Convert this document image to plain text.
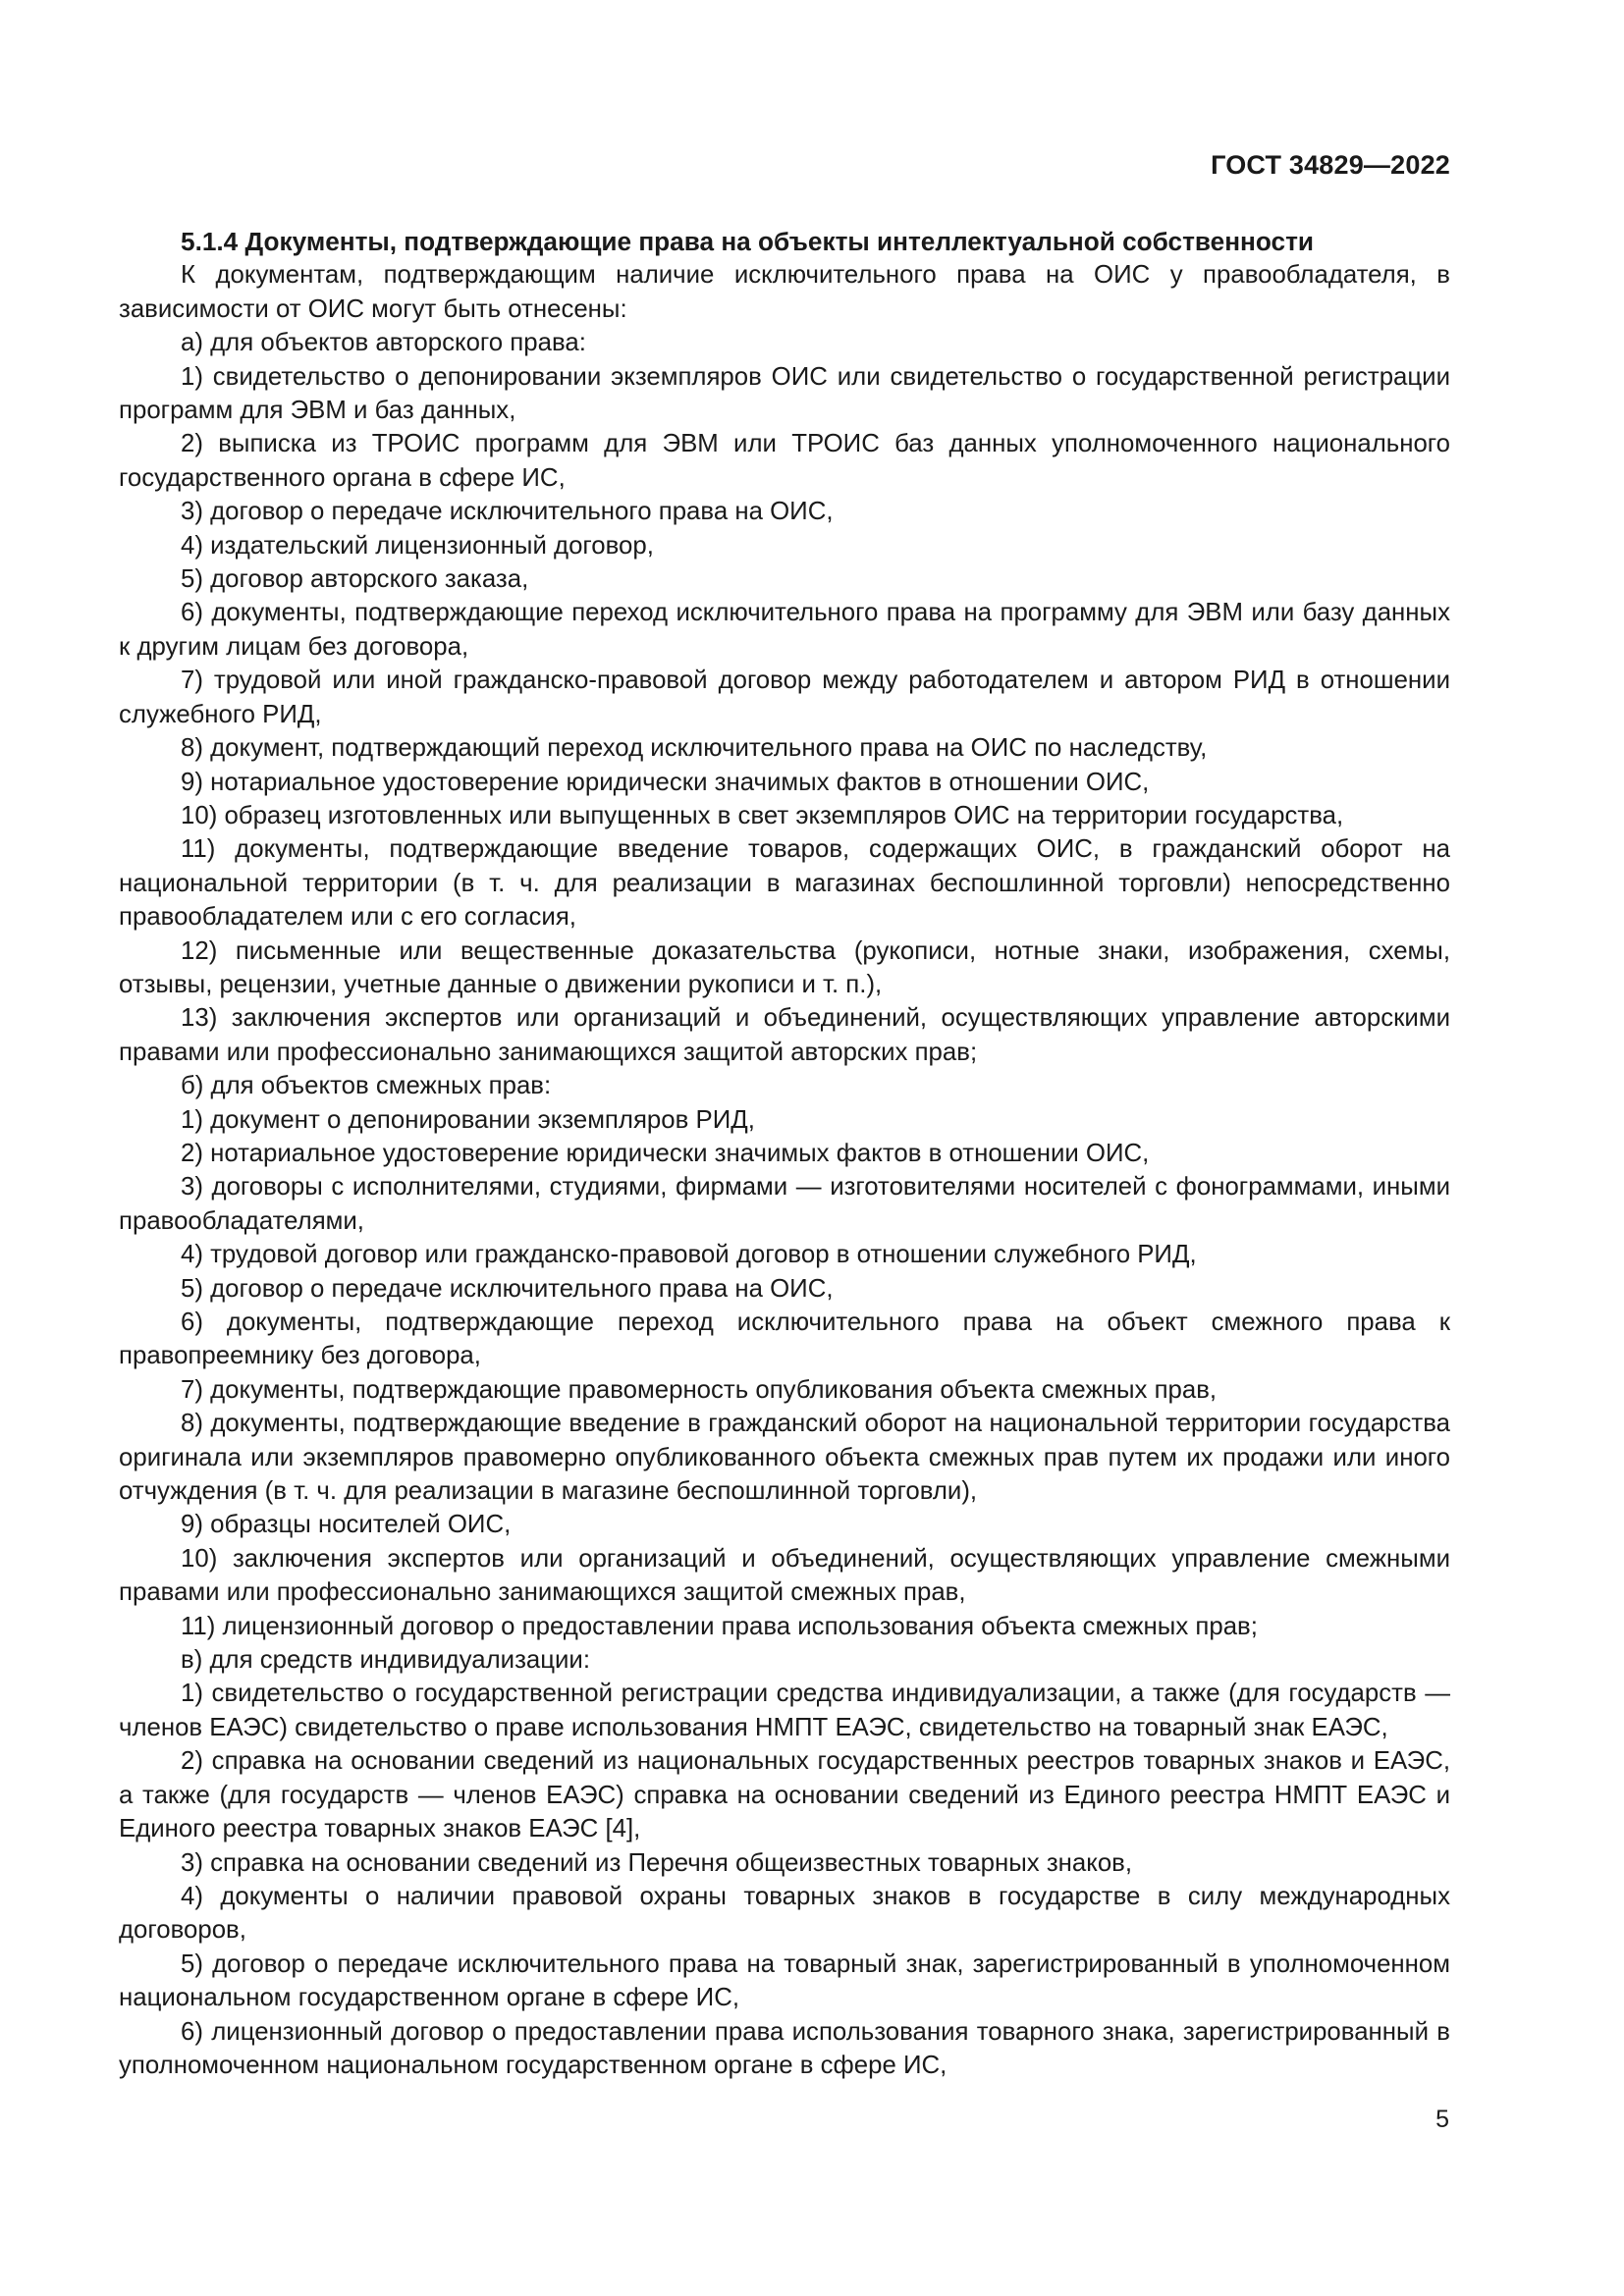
ГОСТ 34829—2022

5.1.4 Документы, подтверждающие права на объекты интеллектуальной собственности

К документам, подтверждающим наличие исключительного права на ОИС у правообладателя, в зависимости от ОИС могут быть отнесены:

а) для объектов авторского права:

1) свидетельство о депонировании экземпляров ОИС или свидетельство о государственной регистрации программ для ЭВМ и баз данных,

2) выписка из ТРОИС программ для ЭВМ или ТРОИС баз данных уполномоченного национального государственного органа в сфере ИС,

3) договор о передаче исключительного права на ОИС,

4) издательский лицензионный договор,

5) договор авторского заказа,

6) документы, подтверждающие переход исключительного права на программу для ЭВМ или базу данных к другим лицам без договора,

7) трудовой или иной гражданско-правовой договор между работодателем и автором РИД в отношении служебного РИД,

8) документ, подтверждающий переход исключительного права на ОИС по наследству,

9) нотариальное удостоверение юридически значимых фактов в отношении ОИС,

10) образец изготовленных или выпущенных в свет экземпляров ОИС на территории государства,

11) документы, подтверждающие введение товаров, содержащих ОИС, в гражданский оборот на национальной территории (в т. ч. для реализации в магазинах беспошлинной торговли) непосредственно правообладателем или с его согласия,

12) письменные или вещественные доказательства (рукописи, нотные знаки, изображения, схемы, отзывы, рецензии, учетные данные о движении рукописи и т. п.),

13) заключения экспертов или организаций и объединений, осуществляющих управление авторскими правами или профессионально занимающихся защитой авторских прав;

б) для объектов смежных прав:

1) документ о депонировании экземпляров РИД,

2) нотариальное удостоверение юридически значимых фактов в отношении ОИС,

3) договоры с исполнителями, студиями, фирмами — изготовителями носителей с фонограммами, иными правообладателями,

4) трудовой договор или гражданско-правовой договор в отношении служебного РИД,

5) договор о передаче исключительного права на ОИС,

6) документы, подтверждающие переход исключительного права на объект смежного права к правопреемнику без договора,

7) документы, подтверждающие правомерность опубликования объекта смежных прав,

8) документы, подтверждающие введение в гражданский оборот на национальной территории государства оригинала или экземпляров правомерно опубликованного объекта смежных прав путем их продажи или иного отчуждения (в т. ч. для реализации в магазине беспошлинной торговли),

9) образцы носителей ОИС,

10) заключения экспертов или организаций и объединений, осуществляющих управление смежными правами или профессионально занимающихся защитой смежных прав,

11) лицензионный договор о предоставлении права использования объекта смежных прав;

в) для средств индивидуализации:

1) свидетельство о государственной регистрации средства индивидуализации, а также (для государств — членов ЕАЭС) свидетельство о праве использования НМПТ ЕАЭС, свидетельство на товарный знак ЕАЭС,

2) справка на основании сведений из национальных государственных реестров товарных знаков и ЕАЭС, а также (для государств — членов ЕАЭС) справка на основании сведений из Единого реестра НМПТ ЕАЭС и Единого реестра товарных знаков ЕАЭС [4],

3) справка на основании сведений из Перечня общеизвестных товарных знаков,

4) документы о наличии правовой охраны товарных знаков в государстве в силу международных договоров,

5) договор о передаче исключительного права на товарный знак, зарегистрированный в уполномоченном национальном государственном органе в сфере ИС,

6) лицензионный договор о предоставлении права использования товарного знака, зарегистрированный в уполномоченном национальном государственном органе в сфере ИС,

5
